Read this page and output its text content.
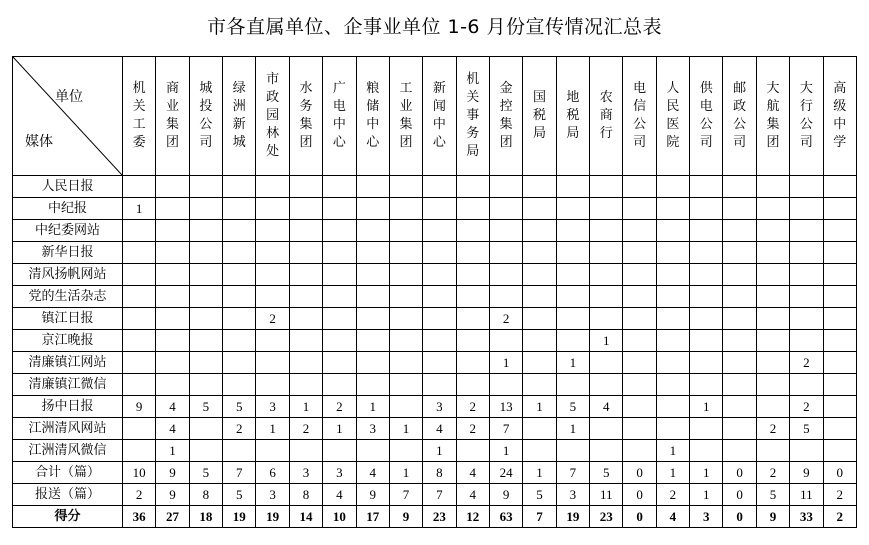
市各直属单位、企事业单位 1-6 月份宣传情况汇总表
单位
媒体	机
关
工
委	商
业
集
团	城
投
公
司	绿
洲
新
城	市
政
园
林
处	水
务
集
团	广
电
中
心	粮
储
中
心	工
业
集
团	新
闻
中
心	机
关
事
务
局	金
控
集
团	国
税
局	地
税
局	农
商
行	电
信
公
司	人
民
医
院	供
电
公
司	邮
政
公
司	大
航
集
团	大
行
公
司	高
级
中
学

人民日报																						
中纪报	1																					
中纪委网站																						
新华日报																						
清风扬帆网站																						
党的生活杂志																						
镇江日报					2							2										
京江晚报															1							
清廉镇江网站												1		1							2	
清廉镇江微信																						
扬中日报	9	4	5	5	3	1	2	1		3	2	13	1	5	4			1			2	
江洲清风网站		4		2	1	2	1	3	1	4	2	7		1						2	5	
江洲清风微信		1								1		1					1					
合计（篇）	10	9	5	7	6	3	3	4	1	8	4	24	1	7	5	0	1	1	0	2	9	0
报送（篇）	2	9	8	5	3	8	4	9	7	7	4	9	5	3	11	0	2	1	0	5	11	2
得分	36	27	18	19	19	14	10	17	9	23	12	63	7	19	23	0	4	3	0	9	33	2
